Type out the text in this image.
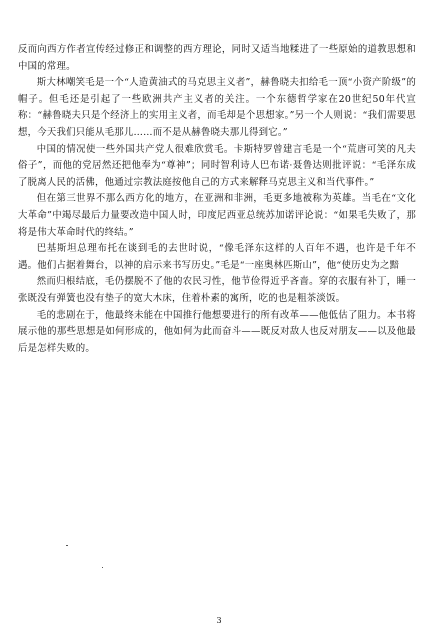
反而向西方作者宣传经过修正和调整的西方理论，同时又适当地糅进了一些原始的道教思想和中国的常理。

斯大林嘲笑毛是一个“人造黄油式的马克思主义者”，赫鲁晓夫扣给毛一顶“小资产阶级”的帽子。但毛还是引起了一些欧洲共产主义者的关注。一个东德哲学家在20世纪50年代宣称：“赫鲁晓夫只是个经济上的实用主义者，而毛却是个思想家。”另一个人则说：“我们需要思想，今天我们只能从毛那儿……而不是从赫鲁晓夫那儿得到它。”

中国的情况使一些外国共产党人很难欣赏毛。卡斯特罗曾建言毛是一个“荒唐可笑的凡夫俗子”，而他的党居然还把他奉为“尊神”；同时智利诗人巴布诺·聂鲁达则批评说：“毛泽东成了脱离人民的活佛，他通过宗教法庭按他自己的方式来解释马克思主义和当代事件。”

但在第三世界不那么西方化的地方，在亚洲和非洲，毛更多地被称为英雄。当毛在“文化大革命”中竭尽最后力量要改造中国人时，印度尼西亚总统苏加诺评论说：“如果毛失败了，那将是伟大革命时代的终结。”

巴基斯坦总理布托在谈到毛的去世时说，“像毛泽东这样的人百年不遇，也许是千年不遇。他们占据着舞台，以神的启示来书写历史。”毛是“一座奥林匹斯山”，他“使历史为之黯

然而归根结底，毛仍摆脱不了他的农民习性，他节俭得近乎吝啬。穿的衣服有补丁，睡一张既没有弹簧也没有垫子的宽大木床，住着朴素的寓所，吃的也是粗茶淡饭。

毛的悲剧在于，他最终未能在中国推行他想要进行的所有改革——他低估了阻力。本书将展示他的那些思想是如何形成的，他如何为此而奋斗——既反对敌人也反对朋友——以及他最后是怎样失败的。

3
